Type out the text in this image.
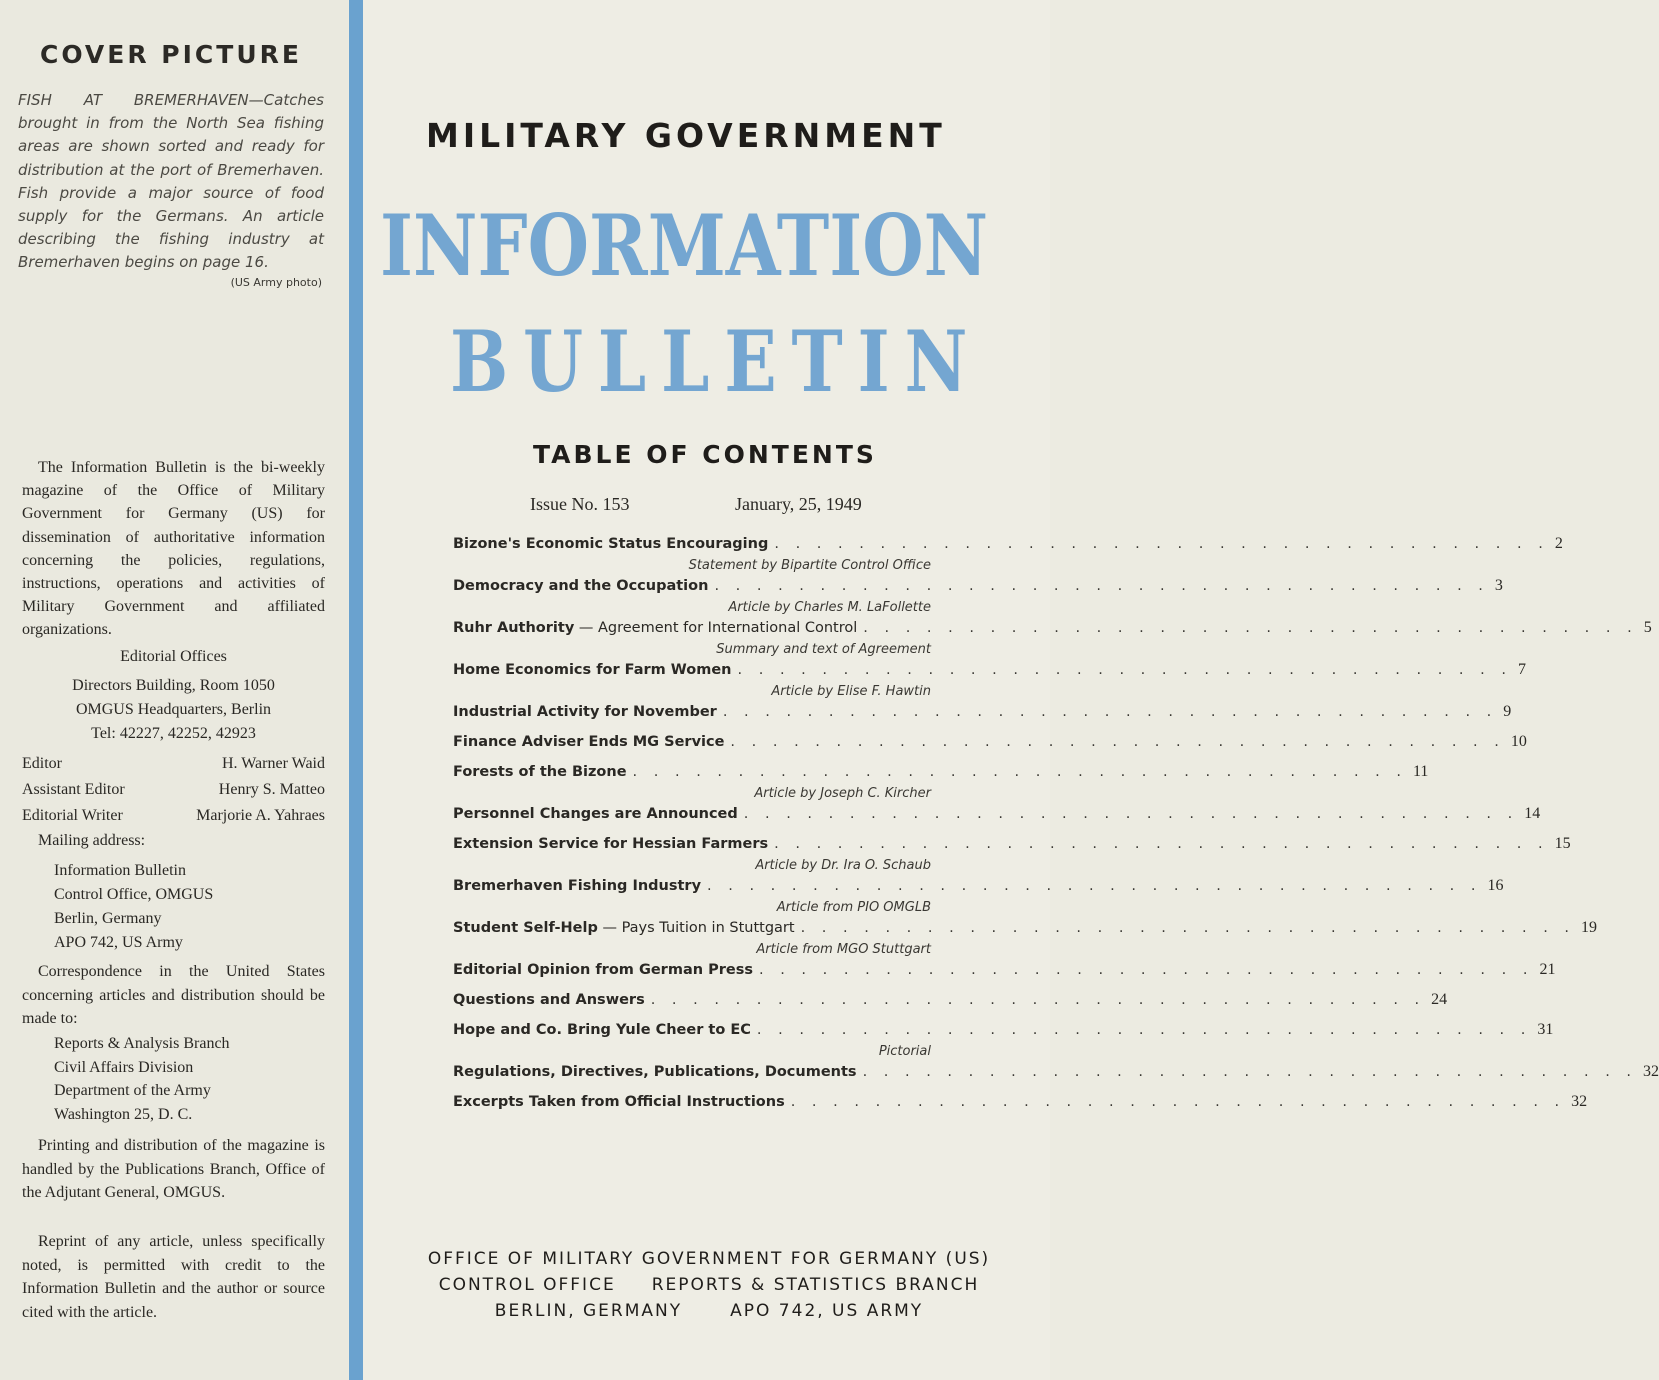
COVER PICTURE
FISH AT BREMERHAVEN—Catches brought in from the North Sea fishing areas are shown sorted and ready for distribution at the port of Bremerhaven. Fish provide a major source of food supply for the Germans. An article describing the fishing industry at Bremerhaven begins on page 16.
(US Army photo)

The Information Bulletin is the bi-weekly magazine of the Office of Military Government for Germany (US) for dissemination of authoritative information concerning the policies, regulations, instructions, operations and activities of Military Government and affiliated organizations.

Editorial Offices
Directors Building, Room 1050
OMGUS Headquarters, Berlin
Tel: 42227, 42252, 42923
Editor	H. Warner Waid
Assistant Editor	Henry S. Matteo
Editorial Writer	Marjorie A. Yahraes
Mailing address:
Information Bulletin
Control Office, OMGUS
Berlin, Germany
APO 742, US Army

Correspondence in the United States concerning articles and distribution should be made to:

Reports & Analysis Branch
Civil Affairs Division
Department of the Army
Washington 25, D. C.

Printing and distribution of the magazine is handled by the Publications Branch, Office of the Adjutant General, OMGUS.

Reprint of any article, unless specifically noted, is permitted with credit to the Information Bulletin and the author or source cited with the article.

MILITARY GOVERNMENT
INFORMATION
BULLETIN
TABLE OF CONTENTS
Issue No. 153	January, 25, 1949
Bizone's Economic Status Encouraging . . . . . . . . . . . . . . . . . . . . . . . . . . . . . . . . . . . . . 2
Statement by Bipartite Control Office
Democracy and the Occupation . . . . . . . . . . . . . . . . . . . . . . . . . . . . . . . . . . . . . 3
Article by Charles M. LaFollette
Ruhr Authority — Agreement for International Control . . . . . . . . . . . . . . . . . . . . . . . . . . . . . . . . . . . . . 5
Summary and text of Agreement
Home Economics for Farm Women . . . . . . . . . . . . . . . . . . . . . . . . . . . . . . . . . . . . . 7
Article by Elise F. Hawtin
Industrial Activity for November . . . . . . . . . . . . . . . . . . . . . . . . . . . . . . . . . . . . . 9
Finance Adviser Ends MG Service . . . . . . . . . . . . . . . . . . . . . . . . . . . . . . . . . . . . . 10
Forests of the Bizone . . . . . . . . . . . . . . . . . . . . . . . . . . . . . . . . . . . . . 11
Article by Joseph C. Kircher
Personnel Changes are Announced . . . . . . . . . . . . . . . . . . . . . . . . . . . . . . . . . . . . . 14
Extension Service for Hessian Farmers . . . . . . . . . . . . . . . . . . . . . . . . . . . . . . . . . . . . . 15
Article by Dr. Ira O. Schaub
Bremerhaven Fishing Industry . . . . . . . . . . . . . . . . . . . . . . . . . . . . . . . . . . . . . 16
Article from PIO OMGLB
Student Self-Help — Pays Tuition in Stuttgart . . . . . . . . . . . . . . . . . . . . . . . . . . . . . . . . . . . . . 19
Article from MGO Stuttgart
Editorial Opinion from German Press . . . . . . . . . . . . . . . . . . . . . . . . . . . . . . . . . . . . . 21
Questions and Answers . . . . . . . . . . . . . . . . . . . . . . . . . . . . . . . . . . . . . 24
Hope and Co. Bring Yule Cheer to EC . . . . . . . . . . . . . . . . . . . . . . . . . . . . . . . . . . . . . 31
Pictorial
Regulations, Directives, Publications, Documents . . . . . . . . . . . . . . . . . . . . . . . . . . . . . . . . . . . . . 32
Excerpts Taken from Official Instructions . . . . . . . . . . . . . . . . . . . . . . . . . . . . . . . . . . . . . 32
OFFICE OF MILITARY GOVERNMENT FOR GERMANY (US)
CONTROL OFFICE REPORTS & STATISTICS BRANCH
BERLIN, GERMANY	APO 742, US ARMY
